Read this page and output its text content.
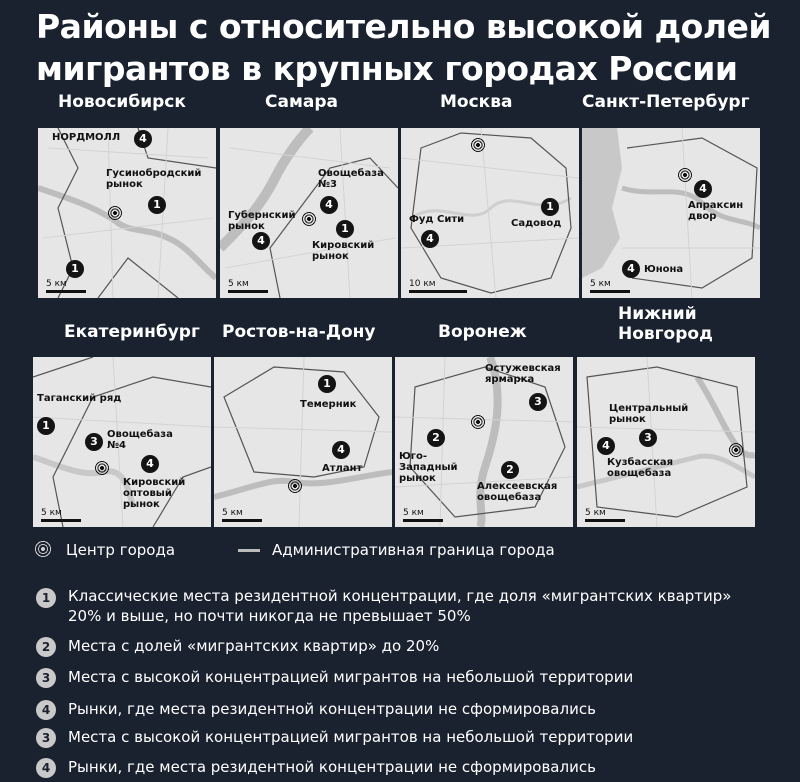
Районы с относительно высокой долей мигрантов в крупных городах России
Новосибирск	Самара	Москва	Санкт-Петербург
НОРДМОЛЛ	4
Гусинобродский рынок
1
1
5 км
Овощебаза №3
4
Губернский рынок
4
1
Кировский рынок
5 км
1
Садовод
Фуд Сити
4
10 км
4
Апраксин двор
4 Юнона
5 км
Екатеринбург Ростов-на-Дону	Воронеж
Нижний Новгород
Таганский ряд
1
3
Овощебаза №4
4
Кировский оптовый рынок
5 км
1
Темерник
4
Атлант
5 км
Остужевская ярмарка
3
2
Юго-Западный рынок
2
Алексеевская овощебаза
5 км
Центральный рынок
3
4
Кузбасская овощебаза
5 км
Центр города	Административная граница города
1	Классические места резидентной концентрации, где доля «мигрантских квартир» 20% и выше, но почти никогда не превышает 50%
2	Места с долей «мигрантских квартир» до 20%
3	Места с высокой концентрацией мигрантов на небольшой территории
4	Рынки, где места резидентной концентрации не сформировались
3	Места с высокой концентрацией мигрантов на небольшой территории
4	Рынки, где места резидентной концентрации не сформировались
